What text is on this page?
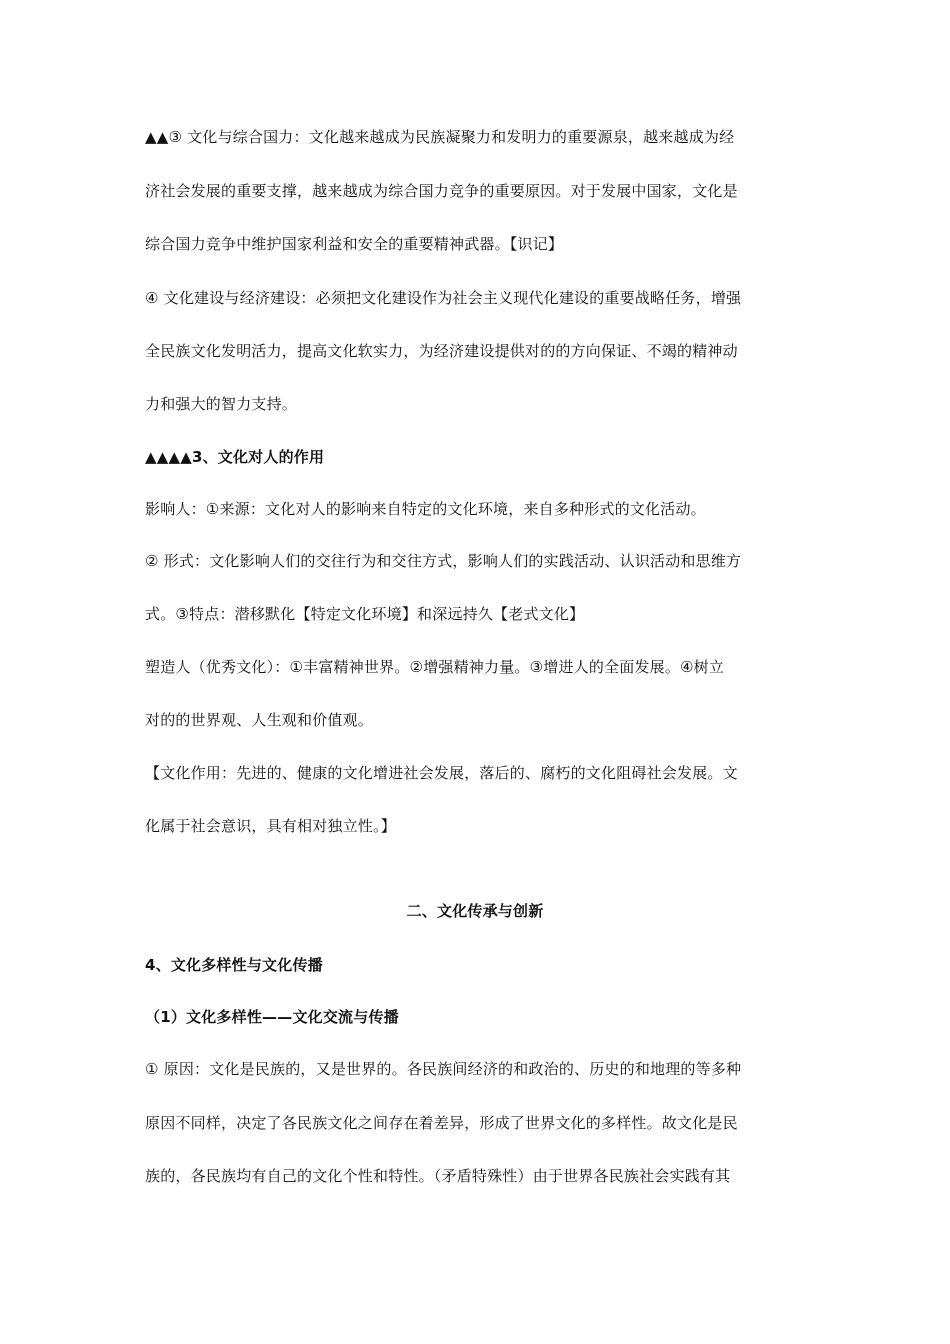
▲▲③ 文化与综合国力：文化越来越成为民族凝聚力和发明力的重要源泉，越来越成为经
济社会发展的重要支撑，越来越成为综合国力竞争的重要原因。对于发展中国家，文化是
综合国力竞争中维护国家利益和安全的重要精神武器。【识记】
④ 文化建设与经济建设：必须把文化建设作为社会主义现代化建设的重要战略任务，增强
全民族文化发明活力，提高文化软实力，为经济建设提供对的的方向保证、不竭的精神动
力和强大的智力支持。
▲▲▲▲3、文化对人的作用
影响人：①来源：文化对人的影响来自特定的文化环境，来自多种形式的文化活动。
② 形式：文化影响人们的交往行为和交往方式，影响人们的实践活动、认识活动和思维方
式。③特点：潜移默化【特定文化环境】和深远持久【老式文化】
塑造人（优秀文化）：①丰富精神世界。②增强精神力量。③增进人的全面发展。④树立
对的的世界观、人生观和价值观。
【文化作用：先进的、健康的文化增进社会发展，落后的、腐朽的文化阻碍社会发展。文
化属于社会意识，具有相对独立性。】
二、文化传承与创新
4、文化多样性与文化传播
（1）文化多样性——文化交流与传播
① 原因：文化是民族的，又是世界的。各民族间经济的和政治的、历史的和地理的等多种
原因不同样，决定了各民族文化之间存在着差异，形成了世界文化的多样性。故文化是民
族的，各民族均有自己的文化个性和特性。（矛盾特殊性）由于世界各民族社会实践有其
